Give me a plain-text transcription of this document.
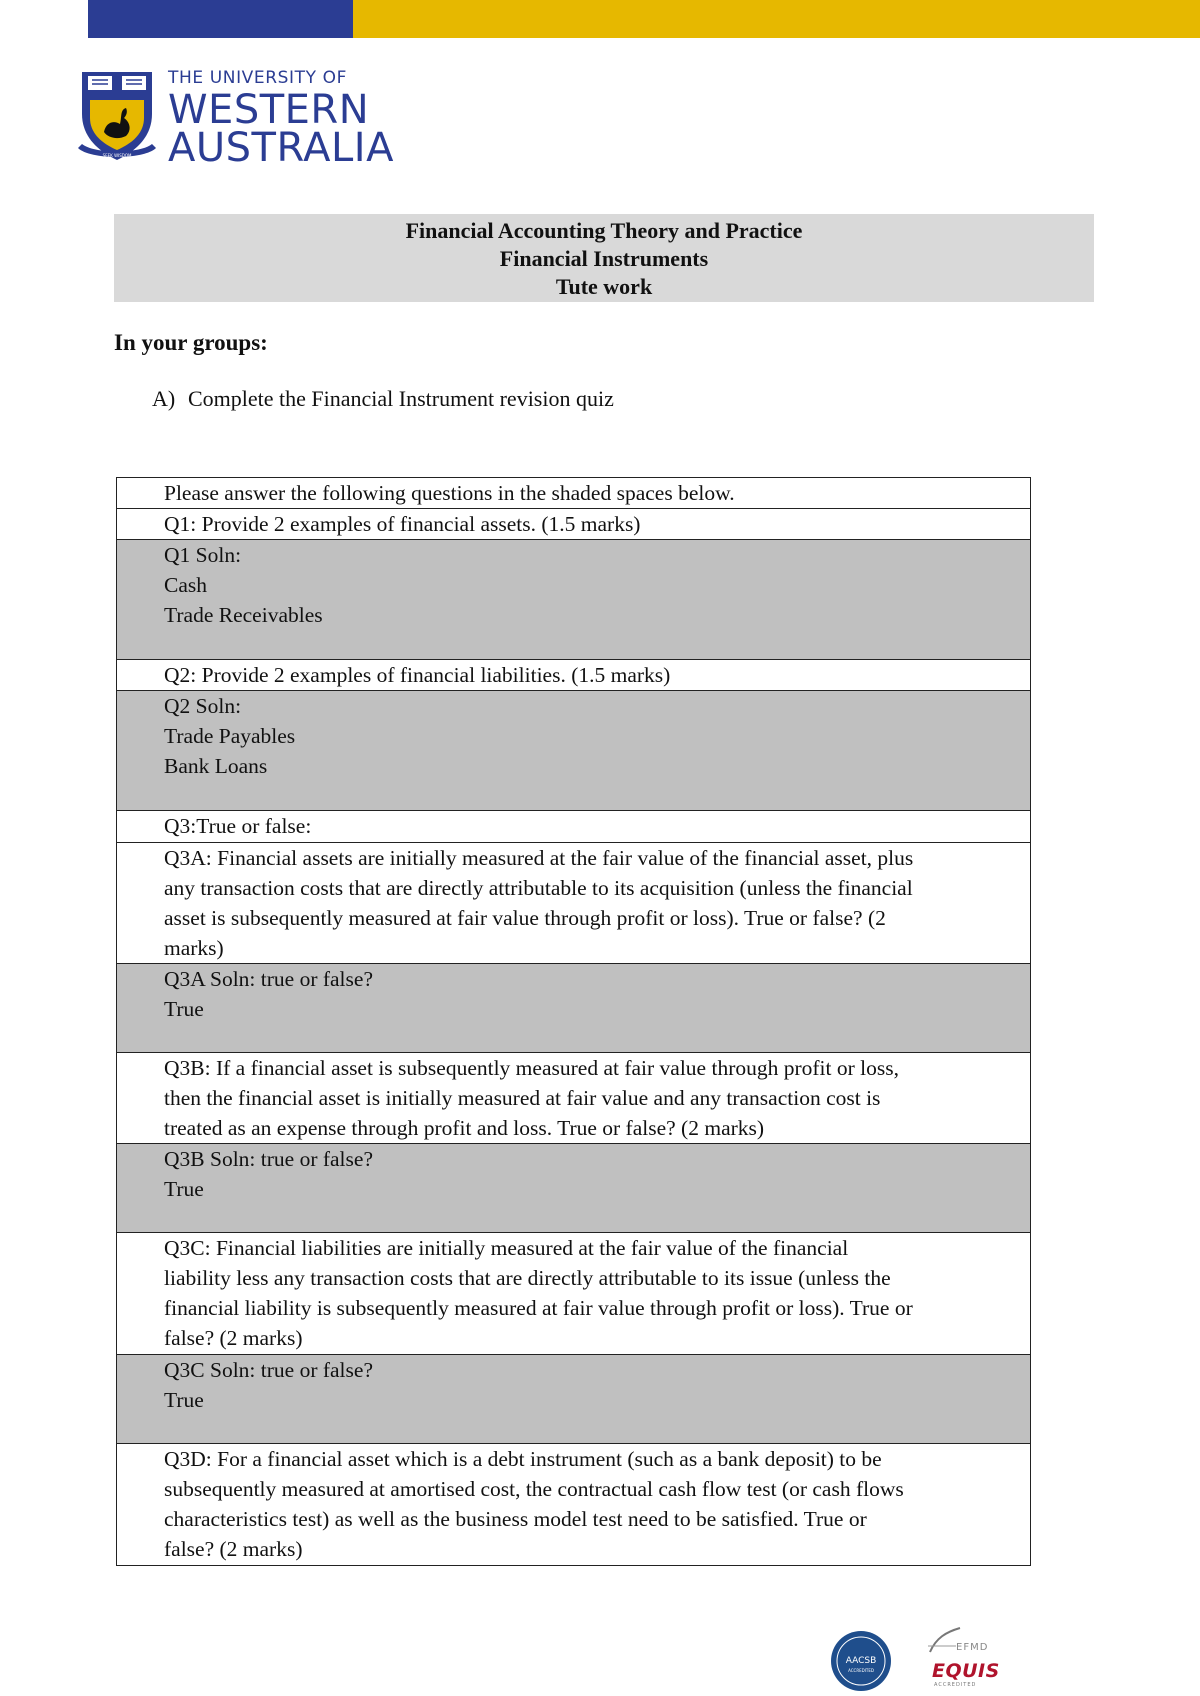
SEEK WISDOM
THE UNIVERSITY OF
WESTERN
AUSTRALIA
Financial Accounting Theory and Practice
Financial Instruments
Tute work
In your groups:
A) Complete the Financial Instrument revision quiz
Please answer the following questions in the shaded spaces below.
Q1: Provide 2 examples of financial assets. (1.5 marks)

Q1 Soln:
Cash
Trade Receivables

Q2: Provide 2 examples of financial liabilities. (1.5 marks)

Q2 Soln:
Trade Payables
Bank Loans

Q3:True or false:

Q3A: Financial assets are initially measured at the fair value of the financial asset, plus
any transaction costs that are directly attributable to its acquisition (unless the financial
asset is subsequently measured at fair value through profit or loss). True or false? (2
marks)

Q3A Soln: true or false?
True

Q3B: If a financial asset is subsequently measured at fair value through profit or loss,
then the financial asset is initially measured at fair value and any transaction cost is
treated as an expense through profit and loss. True or false? (2 marks)

Q3B Soln: true or false?
True

Q3C: Financial liabilities are initially measured at the fair value of the financial
liability less any transaction costs that are directly attributable to its issue (unless the
financial liability is subsequently measured at fair value through profit or loss). True or
false? (2 marks)

Q3C Soln: true or false?
True

Q3D: For a financial asset which is a debt instrument (such as a bank deposit) to be
subsequently measured at amortised cost, the contractual cash flow test (or cash flows
characteristics test) as well as the business model test need to be satisfied. True or
false? (2 marks)
AACSB
ACCREDITED
EFMD
EQUIS
ACCREDITED
